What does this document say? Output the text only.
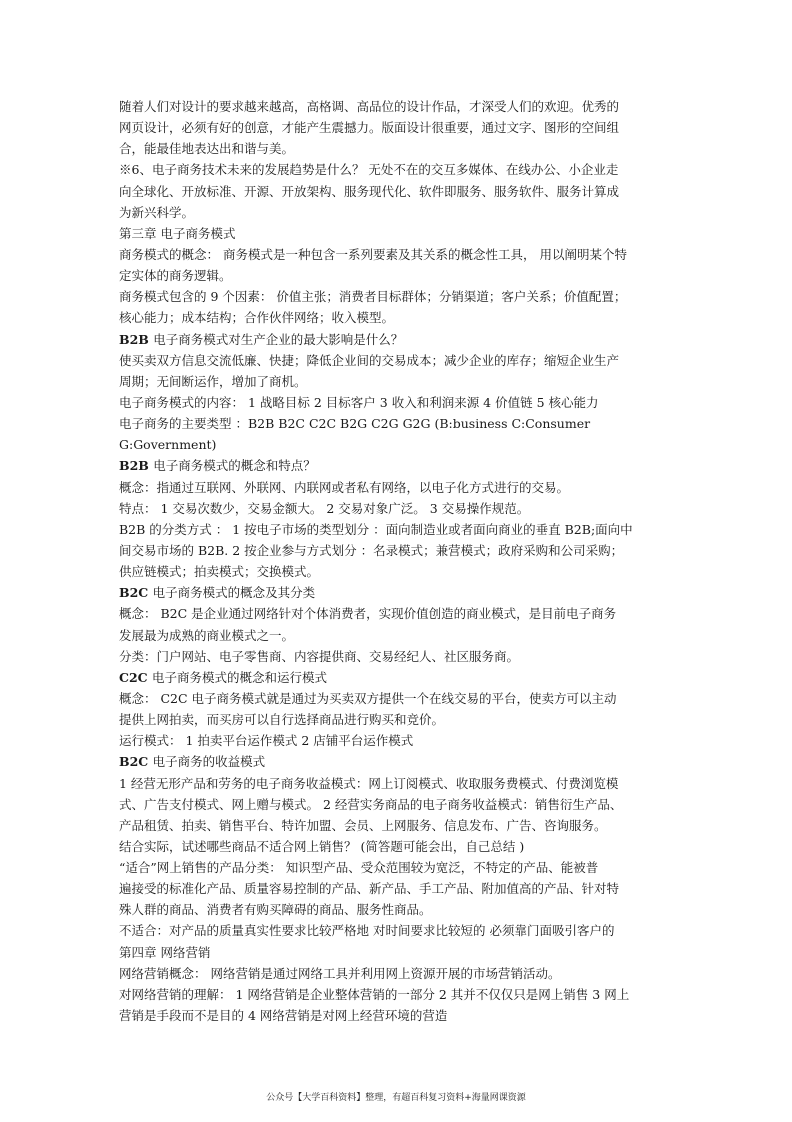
随着人们对设计的要求越来越高，高格调、高品位的设计作品，才深受人们的欢迎。优秀的
网页设计，必须有好的创意，才能产生震撼力。版面设计很重要，通过文字、图形的空间组
合，能最佳地表达出和谐与美。
※6、电子商务技术未来的发展趋势是什么？ 无处不在的交互多媒体、在线办公、小企业走
向全球化、开放标准、开源、开放架构、服务现代化、软件即服务、服务软件、服务计算成
为新兴科学。
第三章 电子商务模式
商务模式的概念： 商务模式是一种包含一系列要素及其关系的概念性工具， 用以阐明某个特
定实体的商务逻辑。
商务模式包含的 9 个因素： 价值主张；消费者目标群体；分销渠道；客户关系；价值配置；
核心能力；成本结构；合作伙伴网络；收入模型。
B2B 电子商务模式对生产企业的最大影响是什么？
使买卖双方信息交流低廉、快捷；降低企业间的交易成本；减少企业的库存；缩短企业生产
周期；无间断运作，增加了商机。
电子商务模式的内容： 1 战略目标 2 目标客户 3 收入和利润来源 4 价值链 5 核心能力
电子商务的主要类型 ：B2B B2C C2C B2G C2G G2G (B:business C:Consumer
G:Government)
B2B 电子商务模式的概念和特点？
概念：指通过互联网、外联网、内联网或者私有网络，以电子化方式进行的交易。
特点： 1 交易次数少，交易金额大。 2 交易对象广泛。 3 交易操作规范。
B2B 的分类方式 ： 1 按电子市场的类型划分 ：面向制造业或者面向商业的垂直 B2B;面向中
间交易市场的 B2B. 2 按企业参与方式划分 ：名录模式；兼营模式；政府采购和公司采购；
供应链模式；拍卖模式；交换模式。
B2C 电子商务模式的概念及其分类
概念： B2C 是企业通过网络针对个体消费者，实现价值创造的商业模式，是目前电子商务
发展最为成熟的商业模式之一。
分类：门户网站、电子零售商、内容提供商、交易经纪人、社区服务商。
C2C 电子商务模式的概念和运行模式
概念： C2C 电子商务模式就是通过为买卖双方提供一个在线交易的平台，使卖方可以主动
提供上网拍卖，而买房可以自行选择商品进行购买和竞价。
运行模式： 1 拍卖平台运作模式 2 店铺平台运作模式
B2C 电子商务的收益模式
1 经营无形产品和劳务的电子商务收益模式：网上订阅模式、收取服务费模式、付费浏览模
式、广告支付模式、网上赠与模式。 2 经营实务商品的电子商务收益模式：销售衍生产品、
产品租赁、拍卖、销售平台、特许加盟、会员、上网服务、信息发布、广告、咨询服务。
结合实际，试述哪些商品不适合网上销售？ (简答题可能会出，自己总结 )
“适合”网上销售的产品分类： 知识型产品、受众范围较为宽泛，不特定的产品、能被普
遍接受的标准化产品、质量容易控制的产品、新产品、手工产品、附加值高的产品、针对特
殊人群的商品、消费者有购买障碍的商品、服务性商品。
不适合：对产品的质量真实性要求比较严格地 对时间要求比较短的 必须靠门面吸引客户的
第四章 网络营销
网络营销概念： 网络营销是通过网络工具并利用网上资源开展的市场营销活动。
对网络营销的理解： 1 网络营销是企业整体营销的一部分 2 其并不仅仅只是网上销售 3 网上
营销是手段而不是目的 4 网络营销是对网上经营环境的营造
公众号【大学百科资料】整理，有超百科复习资料+海量网课资源
